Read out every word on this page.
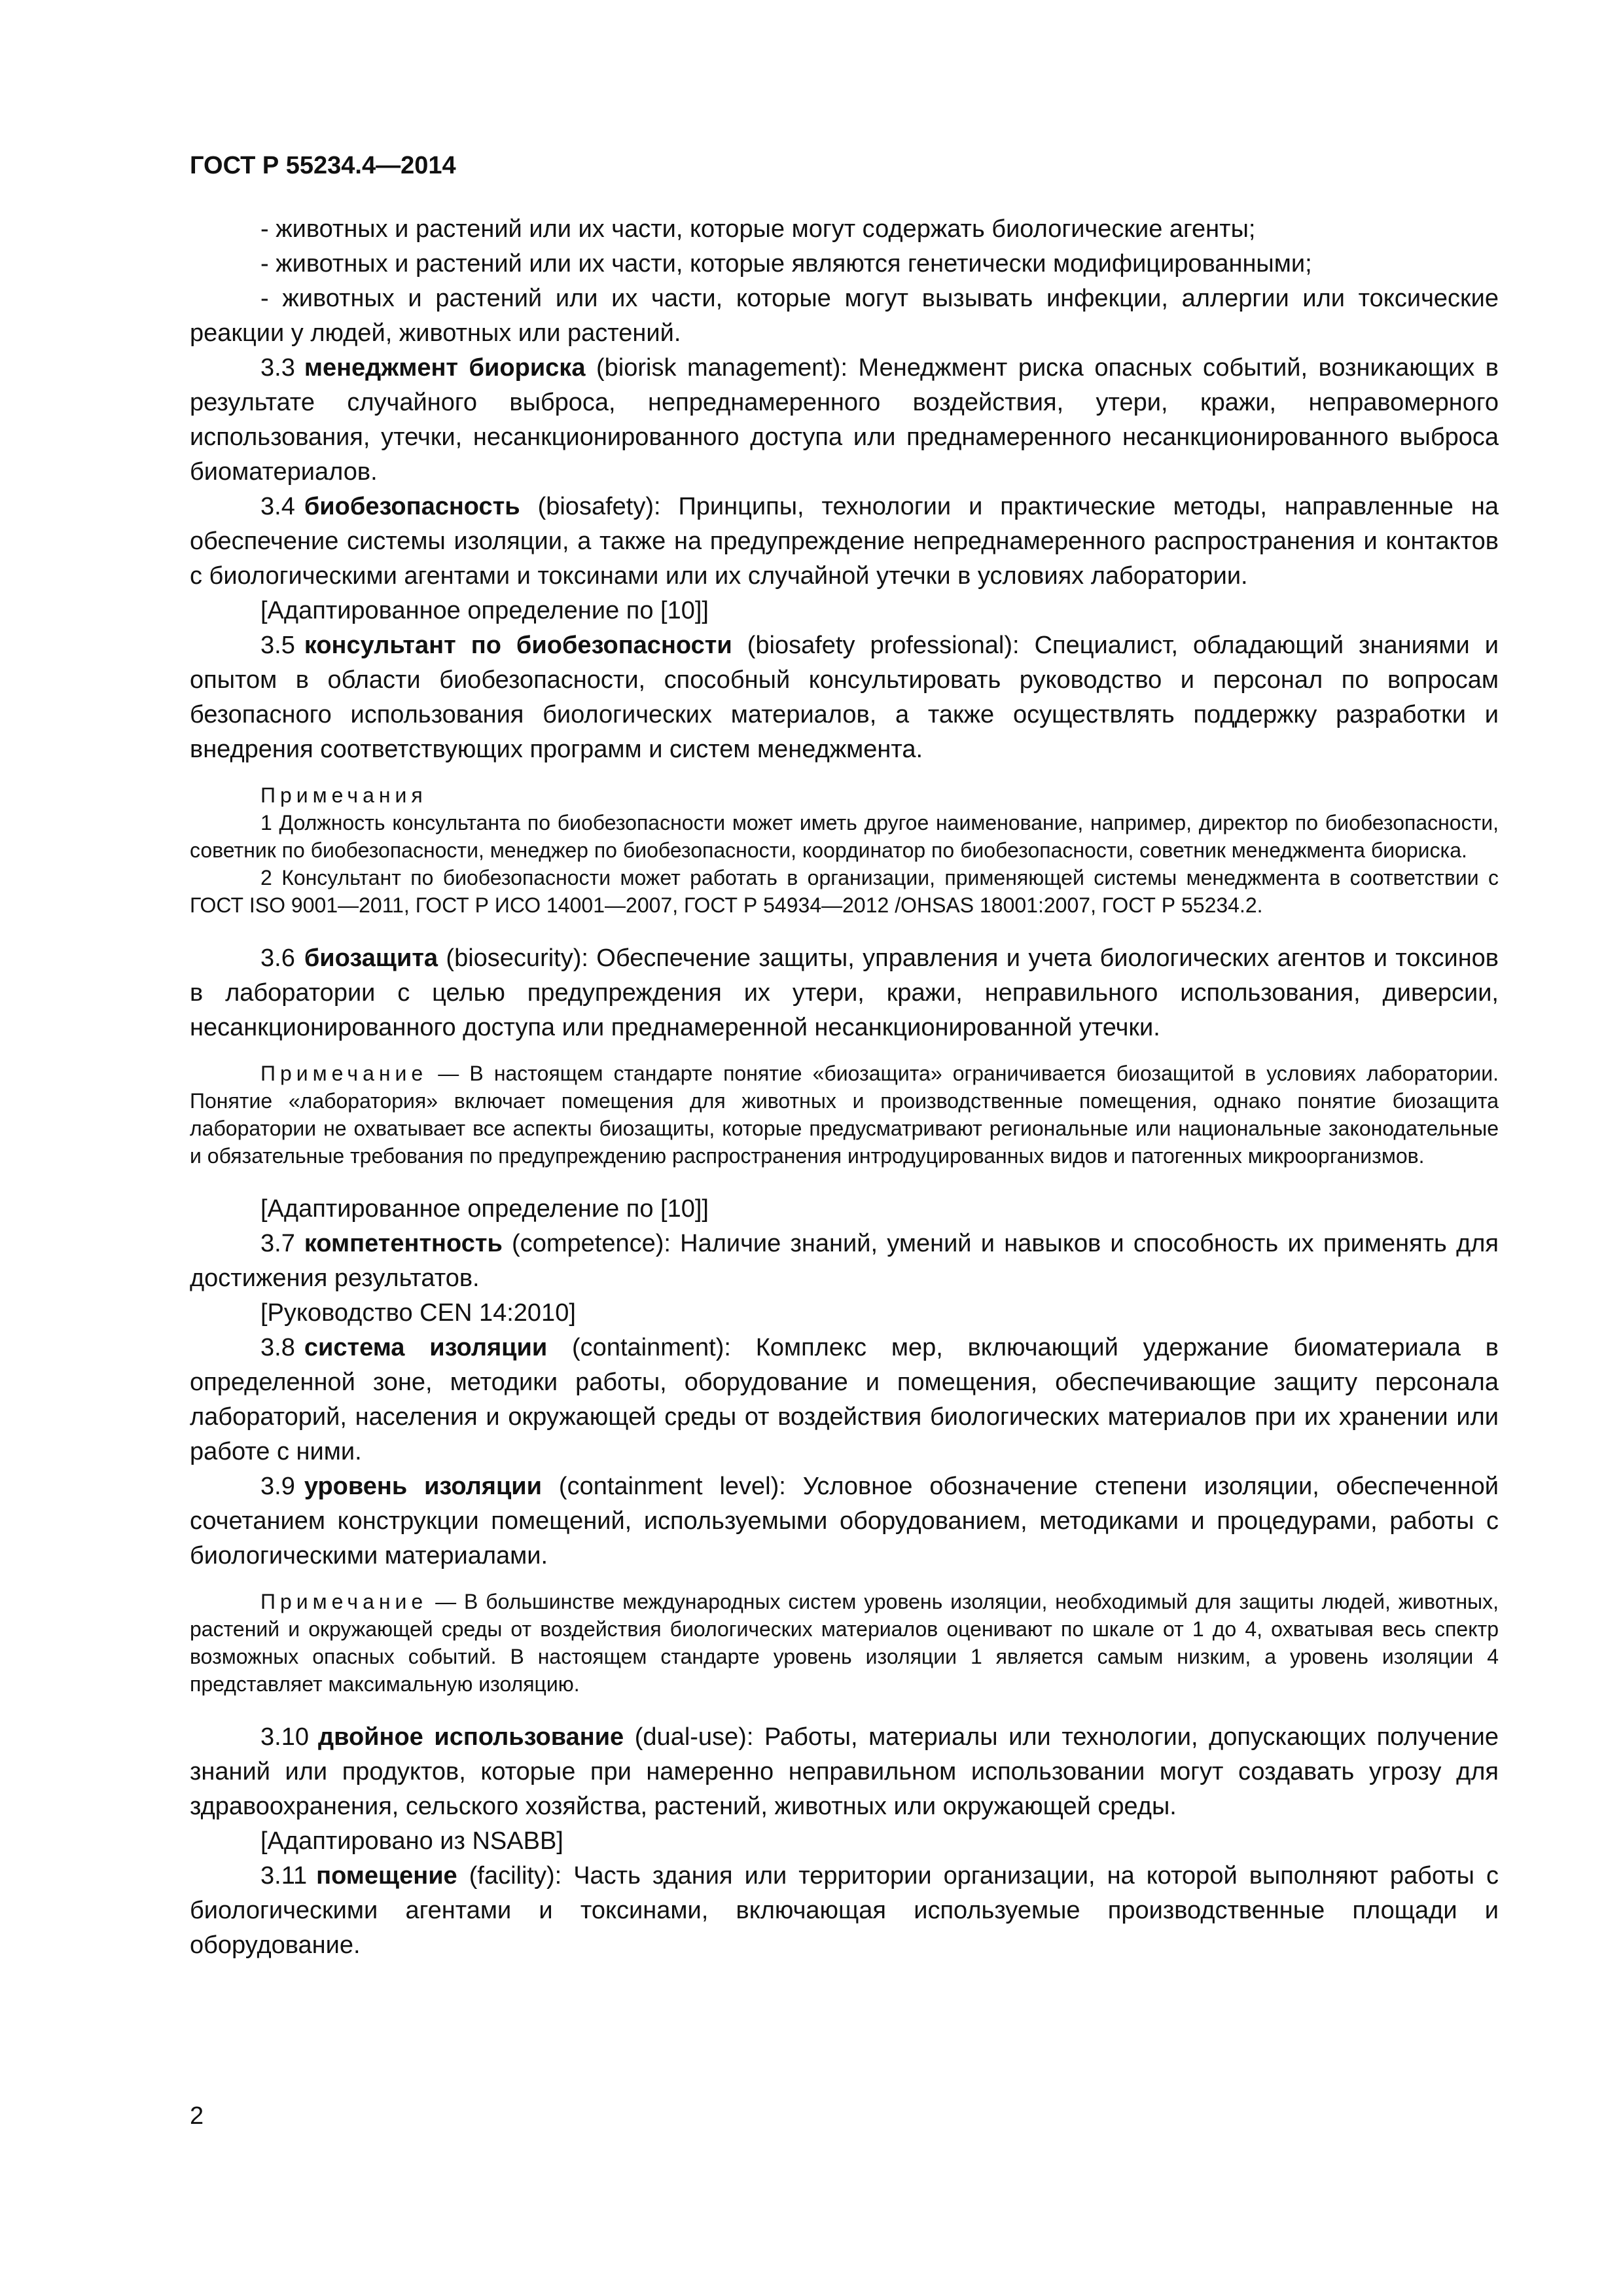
ГОСТ Р 55234.4—2014

- животных и растений или их части, которые могут содержать биологические агенты;

- животных и растений или их части, которые являются генетически модифицированными;

- животных и растений или их части, которые могут вызывать инфекции, аллергии или токсические реакции у людей, животных или растений.

3.3 менеджмент биориска (biorisk management): Менеджмент риска опасных событий, возникающих в результате случайного выброса, непреднамеренного воздействия, утери, кражи, неправомерного использования, утечки, несанкционированного доступа или преднамеренного несанкционированного выброса биоматериалов.

3.4 биобезопасность (biosafety): Принципы, технологии и практические методы, направленные на обеспечение системы изоляции, а также на предупреждение непреднамеренного распространения и контактов с биологическими агентами и токсинами или их случайной утечки в условиях лаборатории.

[Адаптированное определение по [10]]

3.5 консультант по биобезопасности (biosafety professional): Специалист, обладающий знаниями и опытом в области биобезопасности, способный консультировать руководство и персонал по вопросам безопасного использования биологических материалов, а также осуществлять поддержку разработки и внедрения соответствующих программ и систем менеджмента.

Примечания

1 Должность консультанта по биобезопасности может иметь другое наименование, например, директор по биобезопасности, советник по биобезопасности, менеджер по биобезопасности, координатор по биобезопасности, советник менеджмента биориска.

2 Консультант по биобезопасности может работать в организации, применяющей системы менеджмента в соответствии с ГОСТ ISO 9001—2011, ГОСТ Р ИСО 14001—2007, ГОСТ Р 54934—2012 /OHSAS 18001:2007, ГОСТ Р 55234.2.

3.6 биозащита (biosecurity): Обеспечение защиты, управления и учета биологических агентов и токсинов в лаборатории с целью предупреждения их утери, кражи, неправильного использования, диверсии, несанкционированного доступа или преднамеренной несанкционированной утечки.

Примечание — В настоящем стандарте понятие «биозащита» ограничивается биозащитой в условиях лаборатории. Понятие «лаборатория» включает помещения для животных и производственные помещения, однако понятие биозащита лаборатории не охватывает все аспекты биозащиты, которые предусматривают региональные или национальные законодательные и обязательные требования по предупреждению распространения интродуцированных видов и патогенных микроорганизмов.

[Адаптированное определение по [10]]

3.7 компетентность (competence): Наличие знаний, умений и навыков и способность их применять для достижения результатов.

[Руководство CEN 14:2010]

3.8 система изоляции (containment): Комплекс мер, включающий удержание биоматериала в определенной зоне, методики работы, оборудование и помещения, обеспечивающие защиту персонала лабораторий, населения и окружающей среды от воздействия биологических материалов при их хранении или работе с ними.

3.9 уровень изоляции (containment level): Условное обозначение степени изоляции, обеспеченной сочетанием конструкции помещений, используемыми оборудованием, методиками и процедурами, работы с биологическими материалами.

Примечание — В большинстве международных систем уровень изоляции, необходимый для защиты людей, животных, растений и окружающей среды от воздействия биологических материалов оценивают по шкале от 1 до 4, охватывая весь спектр возможных опасных событий. В настоящем стандарте уровень изоляции 1 является самым низким, а уровень изоляции 4 представляет максимальную изоляцию.

3.10 двойное использование (dual-use): Работы, материалы или технологии, допускающих получение знаний или продуктов, которые при намеренно неправильном использовании могут создавать угрозу для здравоохранения, сельского хозяйства, растений, животных или окружающей среды.

[Адаптировано из NSABB]

3.11 помещение (facility): Часть здания или территории организации, на которой выполняют работы с биологическими агентами и токсинами, включающая используемые производственные площади и оборудование.

2
